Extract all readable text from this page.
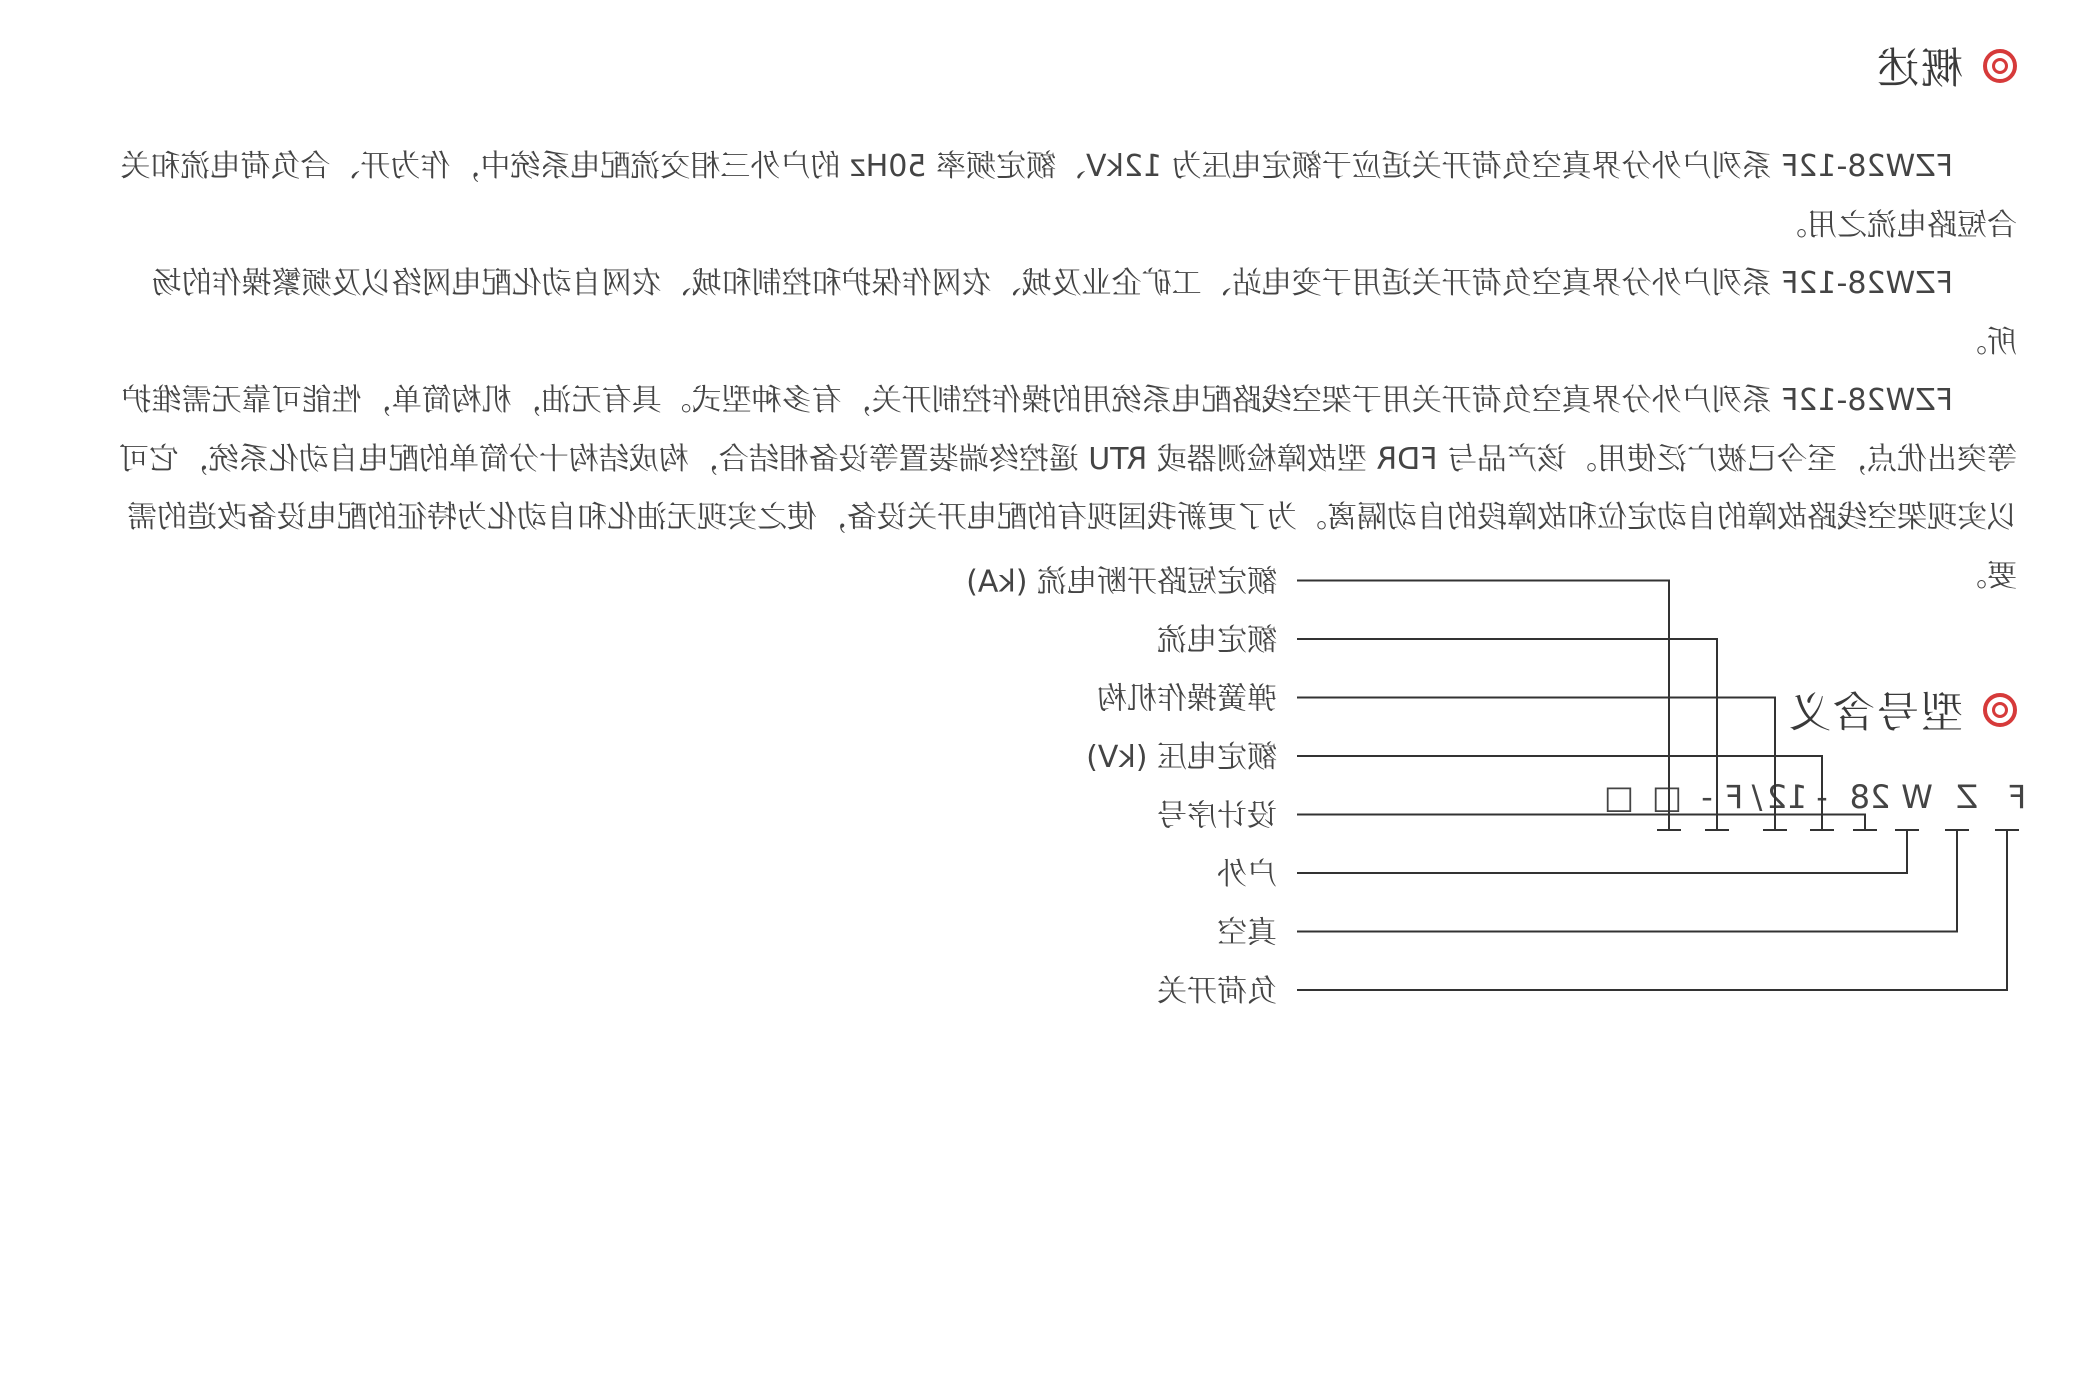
概述

FZW28-12F 系列户外分界真空负荷开关适应于额定电压为 12kV、额定频率 50Hz 的户外三相交流配电系统中，作为开、合负荷电流和关合短路电流之用。

FZW28-12F 系列户外分界真空负荷开关适用于变电站、工矿企业及城、农网作保护和控制和城、农网自动化配电网络以及频繁操作的场所。

FZW28-12F 系列户外分界真空负荷开关用于架空线路配电系统用的操作控制开关，有多种型式。具有无油，机构简单，性能可靠无需维护等突出优点，至今已被广泛使用。该产品与 FDR 型故障检测器或 RTU 遥控终端装置等设备相结合，构成结构十分简单的配电自动化系统，它可以实现架空线路故障的自动定位和故障段的自动隔离。为了更新我国现有的配电开关设备，使之实现无油化和自动化为特征的配电设备改造的需要。

型号含义
F
Z
W
28
-
12
/
F
-
□
□
负荷开关
真空
户外
设计序号
额定电压 (kV)
弹簧操作机构
额定电流
额定短路开断电流 (kA)
